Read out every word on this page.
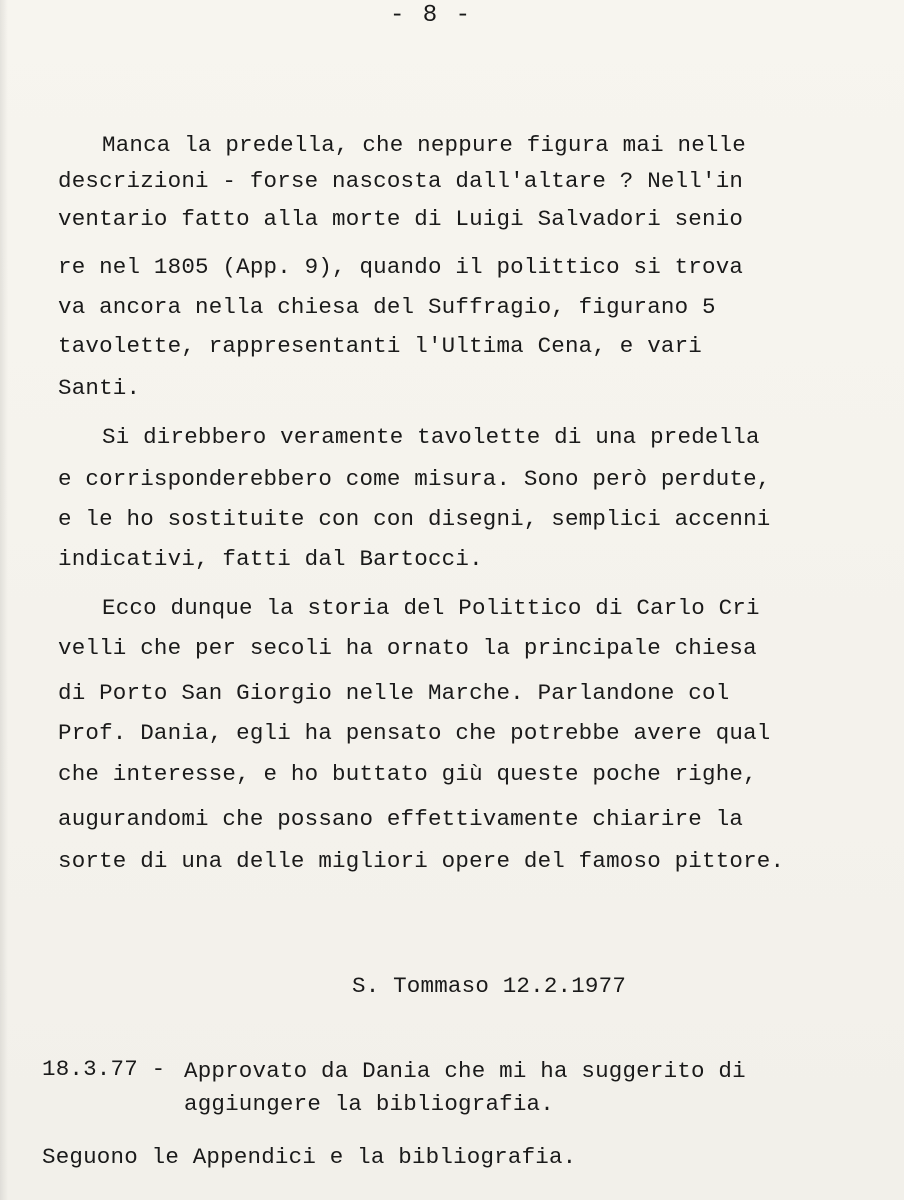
- 8 -
Manca la predella, che neppure figura mai nelle
descrizioni - forse nascosta dall'altare ? Nell'in
ventario fatto alla morte di Luigi Salvadori senio
re nel 1805 (App. 9), quando il polittico si trova
va ancora nella chiesa del Suffragio, figurano 5
tavolette, rappresentanti l'Ultima Cena, e vari
Santi.
Si direbbero veramente tavolette di una predella
e corrisponderebbero come misura. Sono però perdute,
e le ho sostituite con con disegni, semplici accenni
indicativi, fatti dal Bartocci.
Ecco dunque la storia del Polittico di Carlo Cri
velli che per secoli ha ornato la principale chiesa
di Porto San Giorgio nelle Marche. Parlandone col
Prof. Dania, egli ha pensato che potrebbe avere qual
che interesse, e ho buttato giù queste poche righe,
augurandomi che possano effettivamente chiarire la
sorte di una delle migliori opere del famoso pittore.
S. Tommaso 12.2.1977
18.3.77 - Approvato da Dania che mi ha suggerito di
aggiungere la bibliografia.
Seguono le Appendici e la bibliografia.
